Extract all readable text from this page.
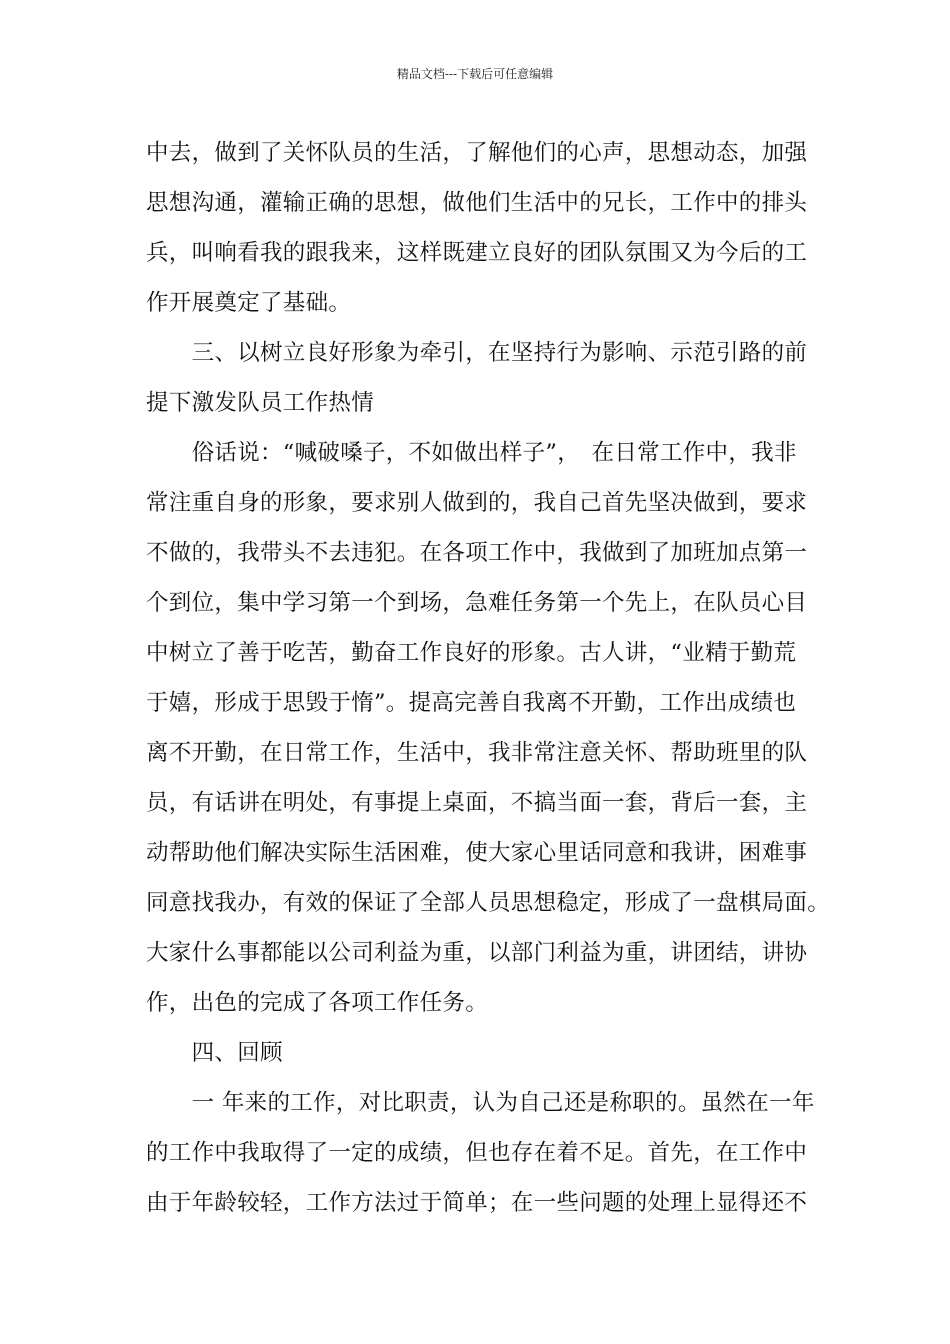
精品文档---下载后可任意编辑
中去，做到了关怀队员的生活，了解他们的心声，思想动态，加强
思想沟通，灌输正确的思想，做他们生活中的兄长，工作中的排头
兵，叫响看我的跟我来，这样既建立良好的团队氛围又为今后的工
作开展奠定了基础。
　　三、以树立良好形象为牵引，在坚持行为影响、示范引路的前
提下激发队员工作热情
　　俗话说：“喊破嗓子，不如做出样子”，　在日常工作中，我非
常注重自身的形象，要求别人做到的，我自己首先坚决做到，要求
不做的，我带头不去违犯。在各项工作中，我做到了加班加点第一
个到位，集中学习第一个到场，急难任务第一个先上，在队员心目
中树立了善于吃苦，勤奋工作良好的形象。古人讲，“业精于勤荒
于嬉，形成于思毁于惰”。提高完善自我离不开勤，工作出成绩也
离不开勤，在日常工作，生活中，我非常注意关怀、帮助班里的队
员，有话讲在明处，有事提上桌面，不搞当面一套，背后一套，主
动帮助他们解决实际生活困难，使大家心里话同意和我讲，困难事
同意找我办，有效的保证了全部人员思想稳定，形成了一盘棋局面。
大家什么事都能以公司利益为重，以部门利益为重，讲团结，讲协
作，出色的完成了各项工作任务。
　　四、回顾
　　一 年来的工作，对比职责，认为自己还是称职的。虽然在一年
的工作中我取得了一定的成绩，但也存在着不足。首先，在工作中
由于年龄较轻，工作方法过于简单；在一些问题的处理上显得还不
